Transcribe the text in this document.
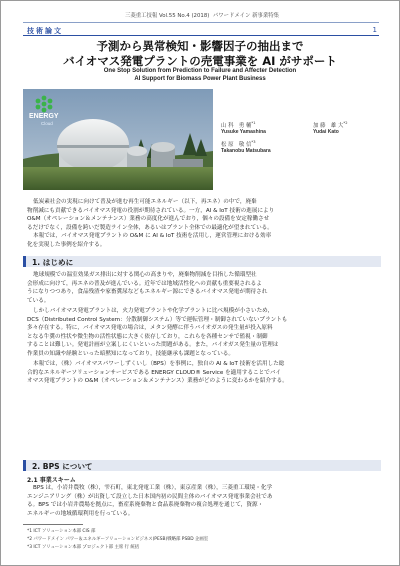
三菱重工技報 Vol.55 No.4 (2018) パワードメイン 新事業特集
技術論文	1
予測から異常検知・影響因子の抽出まで
バイオマス発電プラントの売電事業を AI がサポート
One Stop Solution from Prediction to Failure and Affecter Detection
AI Support for Biomass Power Plant Business
ENERGY
Cloud	山 科　勇 輔$^{*1}$
Yusuke Yamashina
加 藤　雄 大$^{*2}$
Yudai Kato
松 原　敬 信$^{*3}$
Takanobu Matsubara

低炭素社会の実現に向けて普及が進む再生可能エネルギー（以下，再エネ）の中で，廃棄

物削減にも貢献できるバイオマス発電の役割が期待されている。一方，AI & IoT 技術の進展により

O&M（オペレーション＆メンテナンス）業務の高度化が進んでおり，個々の設備を安定稼働させ

るだけでなく，設備を跨いだ製造ライン全体，あるいはプラント全体での最適化が望まれている。

本報では，バイオマス発電プラントの O&M に AI & IoT 技術を活用し，運営管理における効率

化を実現した事例を紹介する。

1. はじめに

地球規模での温室効果ガス排出に対する関心の高まりや，廃棄物削減を目指した循環型社

会形成に向けて，再エネの普及が進んでいる。近年では地域活性化への貢献も重要視されるよ

うになりつつあり，食品残渣や家畜糞尿などもエネルギー源にできるバイオマス発電が期待され

ている。

しかしバイオマス発電プラントは，火力発電プラントや化学プラントに比べ規模が小さいため，

DCS（Distributed Control System：分散制御システム）等で運転管理・制御されていないプラントも

多々存在する。特に，バイオマス発電の場合は，メタン発酵に伴うバイオガスの発生量が投入原料

となる牛糞の性状や微生物の活性状態に大きく依存しており，これらを各種センサで監視・制御

することは難しい。発電計画が立案しにくいといった問題がある。また，バイオガス発生量の管理は

作業員の知識や経験といった暗黙知になっており，技能継承も課題となっている。

本報では，（株）バイオマスパワーしずくいし（BPS）を事例に，独自の AI & IoT 技術を活用した総

合的なエネルギーソリューションサービスである ENERGY CLOUD® Service を適用することでバイ

オマス発電プラントの O&M（オペレーション＆メンテナンス）業務がどのように変わるかを紹介する。

2. BPS について
2.1 事業スキーム

BPS は，小岩井農牧（株），雫石町，東北発電工業（株），東京産業（株），三菱重工環境・化学

エンジニアリング（株）が出資して設立した日本国内初の民間主体のバイオマス発電事業会社であ

る。BPS では小岩井農場を拠点に，畜産系廃棄物と食品系廃棄物の複合処理を通じて，資源・

エネルギーの地域循環利用を行っている。

*1 ICT ソリューション本部 CIS 部
*2 パワードメイン パワー＆エネルギーソリューションビジネス(PESB)戦略部 PSBD 企画室
*3 ICT ソリューション本部 プロジェクト部 主席 行 統括
